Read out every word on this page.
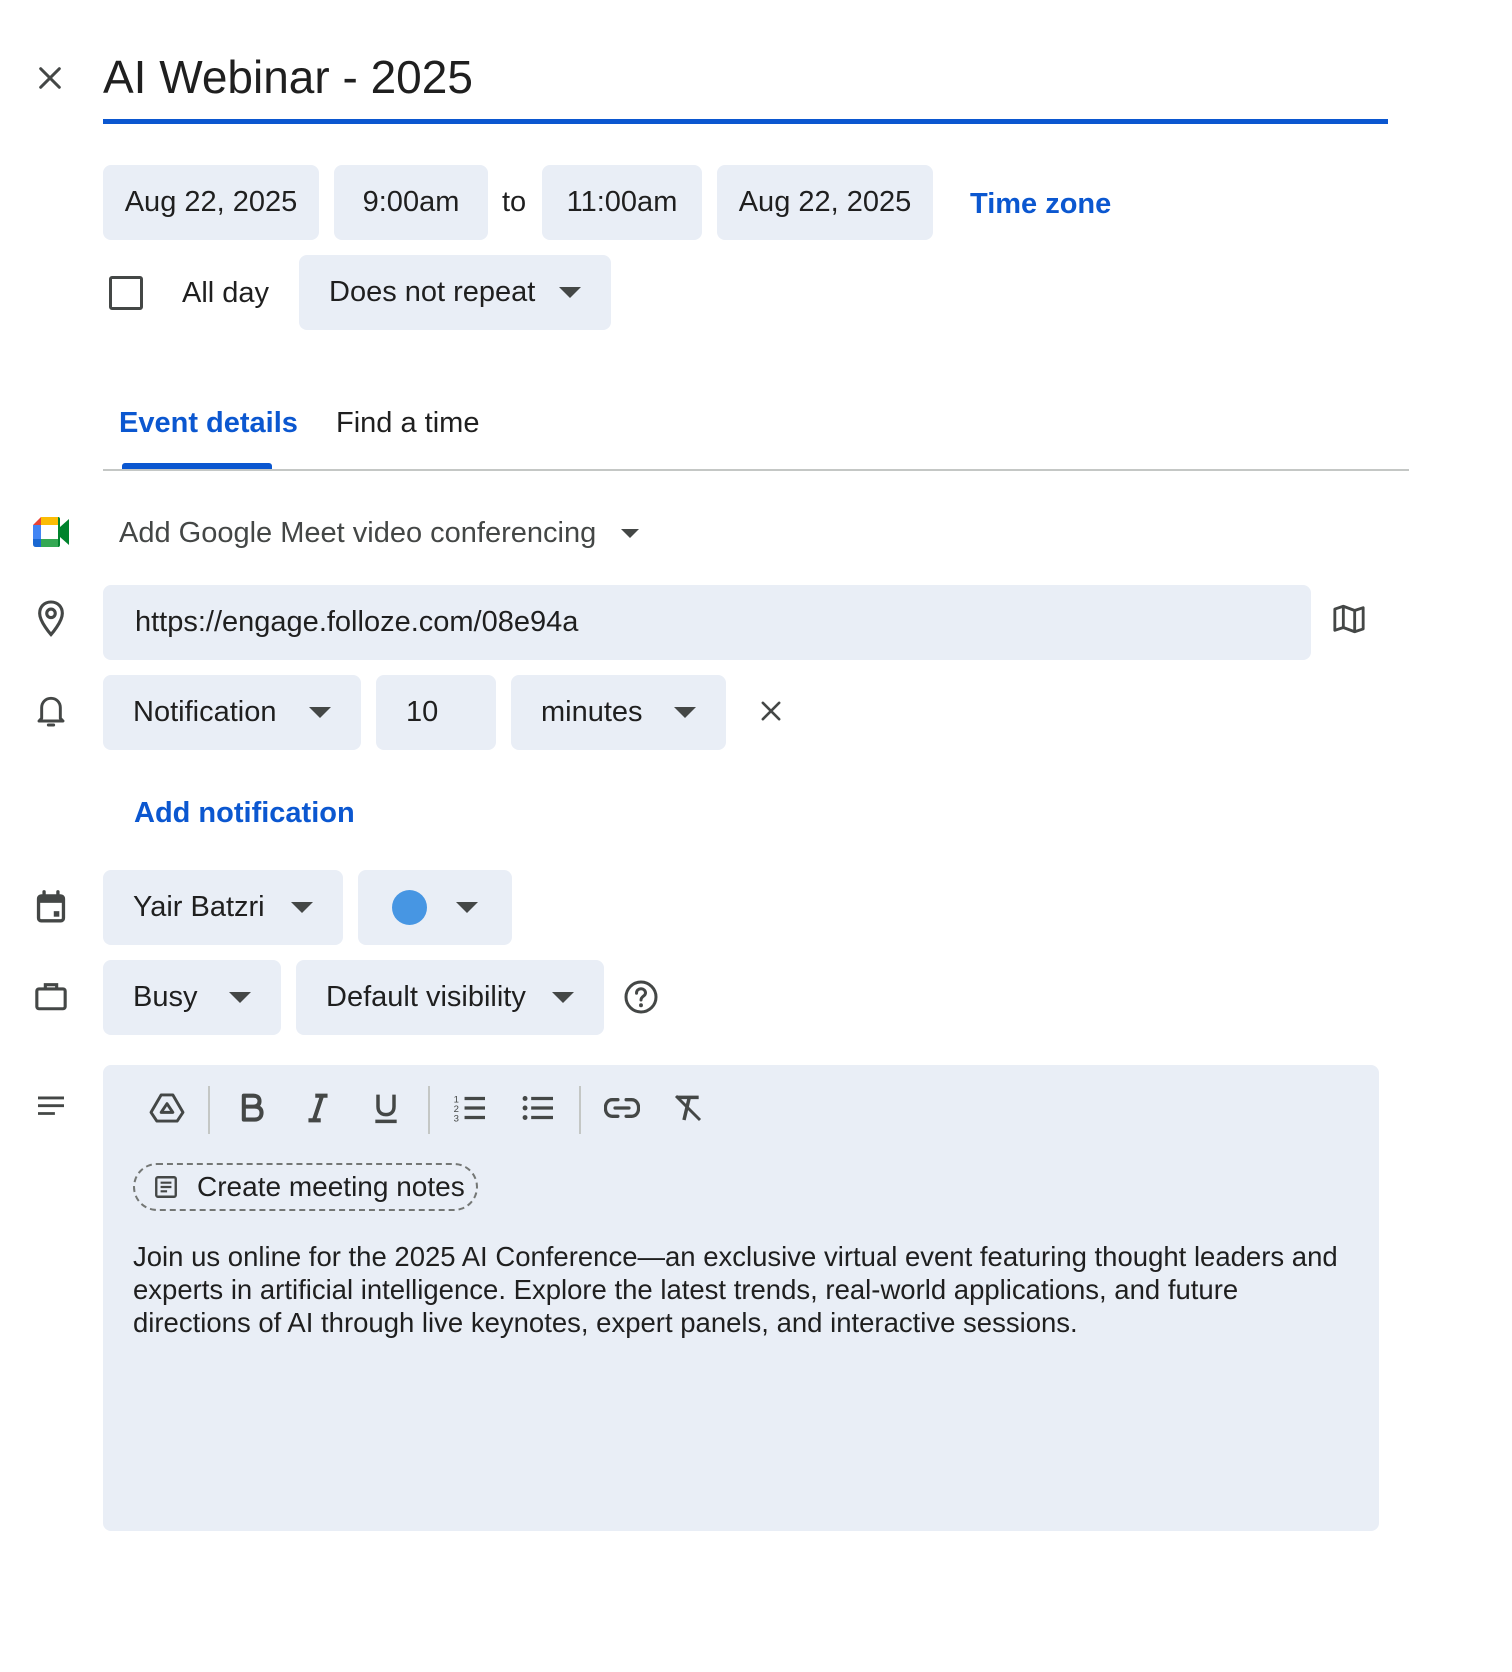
AI Webinar - 2025
Aug 22, 2025 9:00am to 11:00am Aug 22, 2025 Time zone
All day Does not repeat
Event details Find a time
Add Google Meet video conferencing
https://engage.folloze.com/08e94a
Notification	10	minutes
Add notification
Yair Batzri
Busy	Default visibility
1
2
3
Create meeting notes
Join us online for the 2025 AI Conference—an exclusive virtual event featuring thought leaders and experts in artificial intelligence. Explore the latest trends, real-world applications, and future directions of AI through live keynotes, expert panels, and interactive sessions.
